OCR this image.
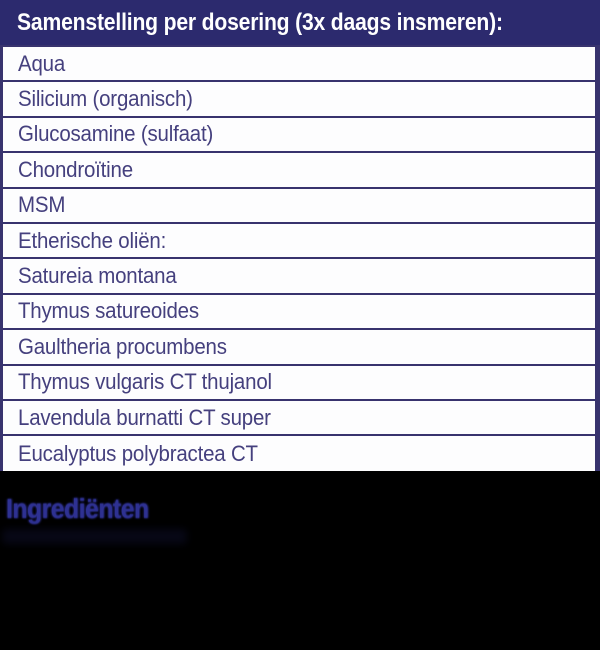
Samenstelling per dosering (3x daags insmeren):
Aqua
Silicium (organisch)
Glucosamine (sulfaat)
Chondroïtine
MSM
Etherische oliën:
Satureia montana
Thymus satureoides
Gaultheria procumbens
Thymus vulgaris CT thujanol
Lavendula burnatti CT super
Eucalyptus polybractea CT
Ingrediënten
